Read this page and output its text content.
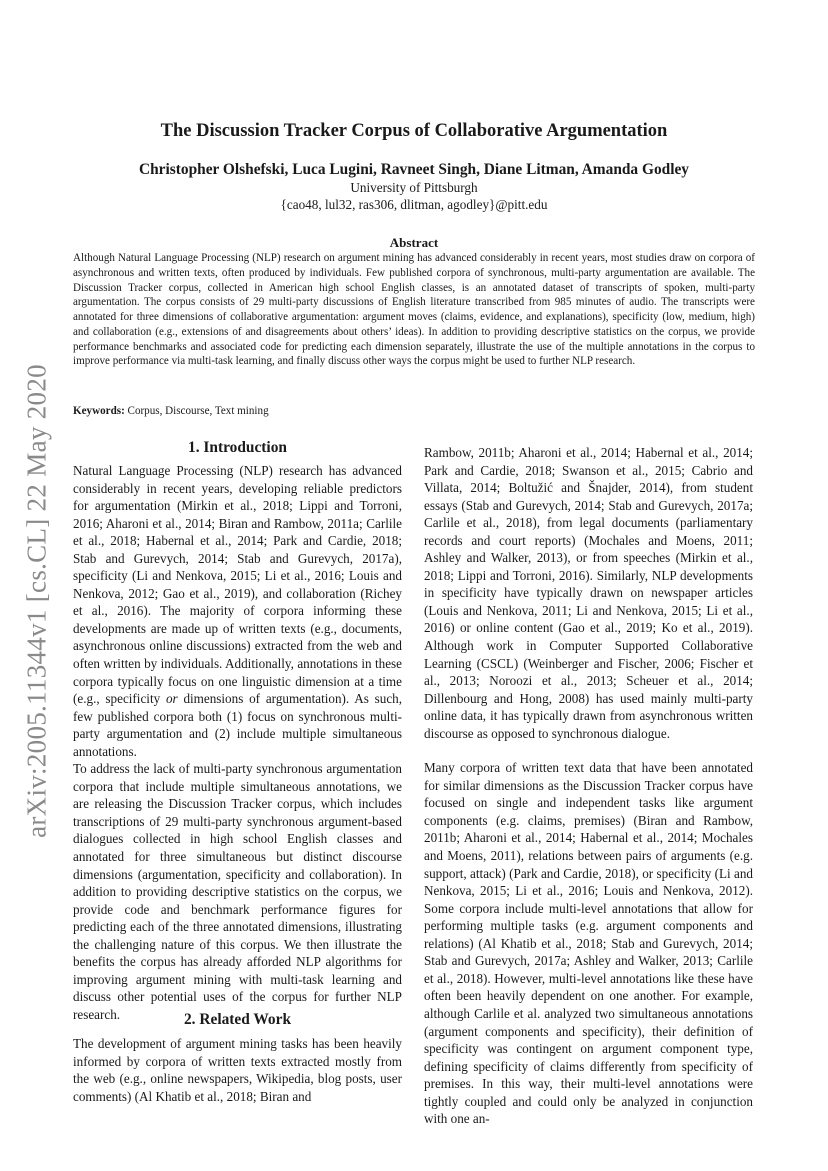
arXiv:2005.11344v1 [cs.CL] 22 May 2020
The Discussion Tracker Corpus of Collaborative Argumentation
Christopher Olshefski, Luca Lugini, Ravneet Singh, Diane Litman, Amanda Godley
University of Pittsburgh
{cao48, lul32, ras306, dlitman, agodley}@pitt.edu
Abstract

Although Natural Language Processing (NLP) research on argument mining has advanced considerably in recent years, most studies draw on corpora of asynchronous and written texts, often produced by individuals. Few published corpora of synchronous, multi-party argumentation are available. The Discussion Tracker corpus, collected in American high school English classes, is an annotated dataset of transcripts of spoken, multi-party argumentation. The corpus consists of 29 multi-party discussions of English literature transcribed from 985 minutes of audio. The transcripts were annotated for three dimensions of collaborative argumentation: argument moves (claims, evidence, and explanations), specificity (low, medium, high) and collaboration (e.g., extensions of and disagreements about others’ ideas). In addition to providing descriptive statistics on the corpus, we provide performance benchmarks and associated code for predicting each dimension separately, illustrate the use of the multiple annotations in the corpus to improve performance via multi-task learning, and finally discuss other ways the corpus might be used to further NLP research.

Keywords: Corpus, Discourse, Text mining
1. Introduction

Natural Language Processing (NLP) research has advanced considerably in recent years, developing reliable predictors for argumentation (Mirkin et al., 2018; Lippi and Torroni, 2016; Aharoni et al., 2014; Biran and Rambow, 2011a; Carlile et al., 2018; Habernal et al., 2014; Park and Cardie, 2018; Stab and Gurevych, 2014; Stab and Gurevych, 2017a), specificity (Li and Nenkova, 2015; Li et al., 2016; Louis and Nenkova, 2012; Gao et al., 2019), and collaboration (Richey et al., 2016). The majority of corpora informing these developments are made up of written texts (e.g., documents, asynchronous online discussions) extracted from the web and often written by individuals. Additionally, annotations in these corpora typically focus on one linguistic dimension at a time (e.g., specificity or dimensions of argumentation). As such, few published corpora both (1) focus on synchronous multi-party argumentation and (2) include multiple simultaneous annotations.

To address the lack of multi-party synchronous argumentation corpora that include multiple simultaneous annotations, we are releasing the Discussion Tracker corpus, which includes transcriptions of 29 multi-party synchronous argument-based dialogues collected in high school English classes and annotated for three simultaneous but distinct discourse dimensions (argumentation, specificity and collaboration). In addition to providing descriptive statistics on the corpus, we provide code and benchmark performance figures for predicting each of the three annotated dimensions, illustrating the challenging nature of this corpus. We then illustrate the benefits the corpus has already afforded NLP algorithms for improving argument mining with multi-task learning and discuss other potential uses of the corpus for further NLP research.	2. Related Work

The development of argument mining tasks has been heavily informed by corpora of written texts extracted mostly from the web (e.g., online newspapers, Wikipedia, blog posts, user comments) (Al Khatib et al., 2018; Biran and

Rambow, 2011b; Aharoni et al., 2014; Habernal et al., 2014; Park and Cardie, 2018; Swanson et al., 2015; Cabrio and Villata, 2014; Boltužić and Šnajder, 2014), from student essays (Stab and Gurevych, 2014; Stab and Gurevych, 2017a; Carlile et al., 2018), from legal documents (parliamentary records and court reports) (Mochales and Moens, 2011; Ashley and Walker, 2013), or from speeches (Mirkin et al., 2018; Lippi and Torroni, 2016). Similarly, NLP developments in specificity have typically drawn on newspaper articles (Louis and Nenkova, 2011; Li and Nenkova, 2015; Li et al., 2016) or online content (Gao et al., 2019; Ko et al., 2019). Although work in Computer Supported Collaborative Learning (CSCL) (Weinberger and Fischer, 2006; Fischer et al., 2013; Noroozi et al., 2013; Scheuer et al., 2014; Dillenbourg and Hong, 2008) has used mainly multi-party online data, it has typically drawn from asynchronous written discourse as opposed to synchronous dialogue.

Many corpora of written text data that have been annotated for similar dimensions as the Discussion Tracker corpus have focused on single and independent tasks like argument components (e.g. claims, premises) (Biran and Rambow, 2011b; Aharoni et al., 2014; Habernal et al., 2014; Mochales and Moens, 2011), relations between pairs of arguments (e.g. support, attack) (Park and Cardie, 2018), or specificity (Li and Nenkova, 2015; Li et al., 2016; Louis and Nenkova, 2012). Some corpora include multi-level annotations that allow for performing multiple tasks (e.g. argument components and relations) (Al Khatib et al., 2018; Stab and Gurevych, 2014; Stab and Gurevych, 2017a; Ashley and Walker, 2013; Carlile et al., 2018). However, multi-level annotations like these have often been heavily dependent on one another. For example, although Carlile et al. analyzed two simultaneous annotations (argument components and specificity), their definition of specificity was contingent on argument component type, defining specificity of claims differently from specificity of premises. In this way, their multi-level annotations were tightly coupled and could only be analyzed in conjunction with one an-
